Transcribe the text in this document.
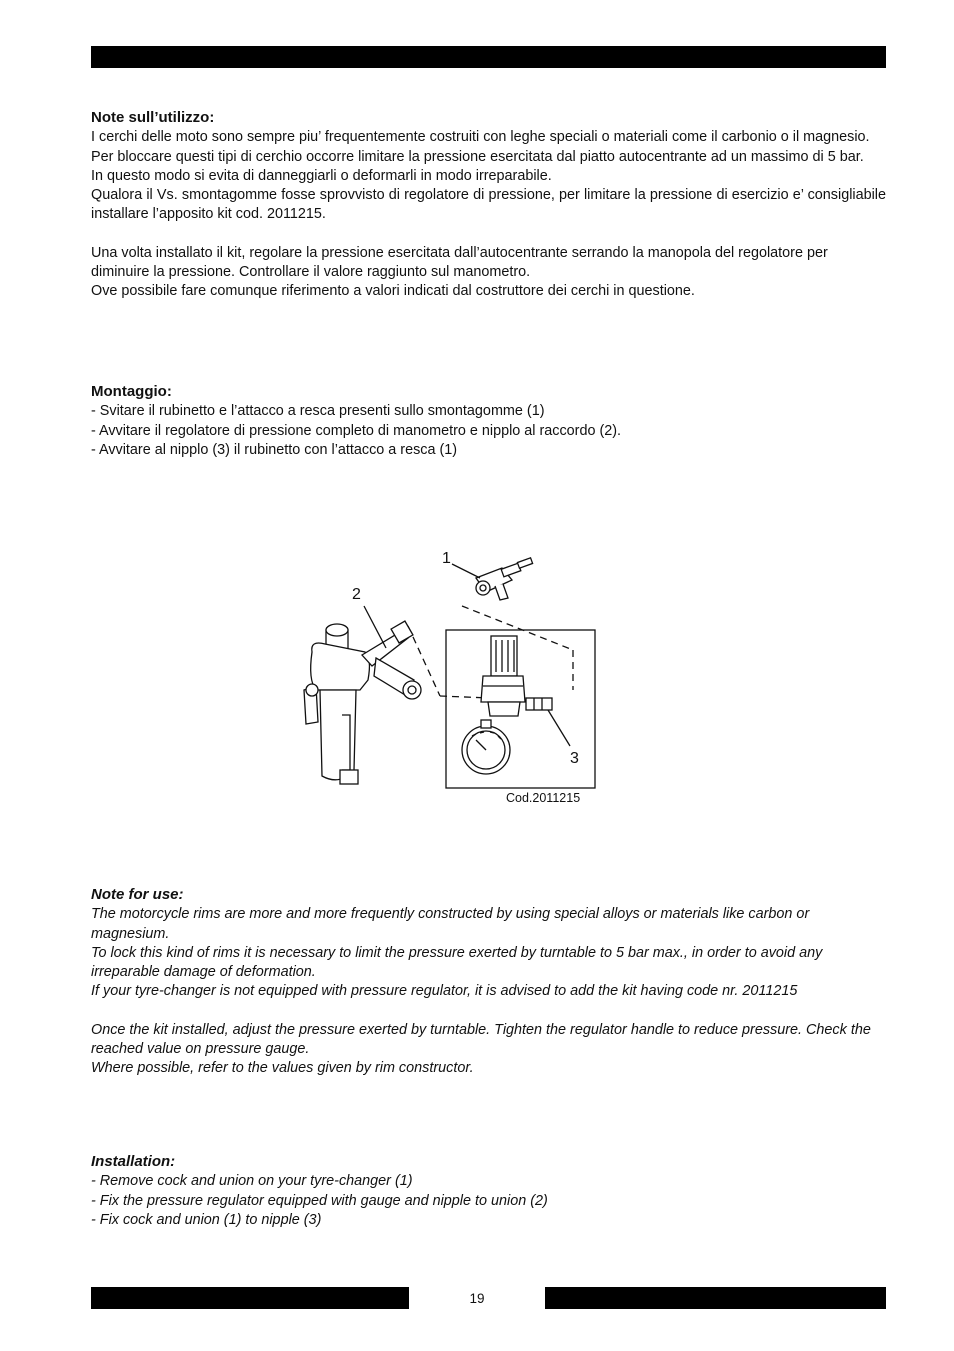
Note sull’utilizzo:

I cerchi delle moto sono sempre piu’ frequentemente costruiti con leghe speciali o materiali come il carbonio o il magnesio.

Per bloccare questi tipi di cerchio occorre limitare la pressione esercitata dal piatto autocentrante ad un massimo di 5 bar.

In questo modo si evita di danneggiarli o deformarli in modo irreparabile.

Qualora il Vs. smontagomme fosse sprovvisto di regolatore di pressione, per limitare la pressione di esercizio e’ consigliabile installare l’apposito kit cod. 2011215.

Una volta installato il kit, regolare la pressione esercitata dall’autocentrante serrando la manopola del regolatore per diminuire la pressione. Controllare il valore raggiunto sul manometro.

Ove possibile fare comunque riferimento a valori indicati dal costruttore dei cerchi in questione.

Montaggio:

- Svitare il rubinetto e l’attacco a resca presenti sullo smontagomme (1)

- Avvitare il regolatore di pressione completo di manometro e nipplo al raccordo (2).

- Avvitare al nipplo (3) il rubinetto con l’attacco a resca (1)

1
2
3
Cod.2011215

Note for use:

The motorcycle rims are more and more frequently constructed by using special alloys or materials like carbon or magnesium.

To lock this kind of rims it is necessary to limit the pressure exerted by turntable to 5 bar max., in order to avoid any irreparable damage of deformation.

If your tyre-changer is not equipped with pressure regulator, it is advised to add the kit having code nr. 2011215

Once the kit installed, adjust the pressure exerted by turntable. Tighten the regulator handle to reduce pressure. Check the reached value on pressure gauge.

Where possible, refer to the values given by rim constructor.

Installation:

- Remove cock and union on your tyre-changer (1)

- Fix the pressure regulator equipped with gauge and nipple to union (2)

- Fix cock and union (1) to nipple (3)

19
